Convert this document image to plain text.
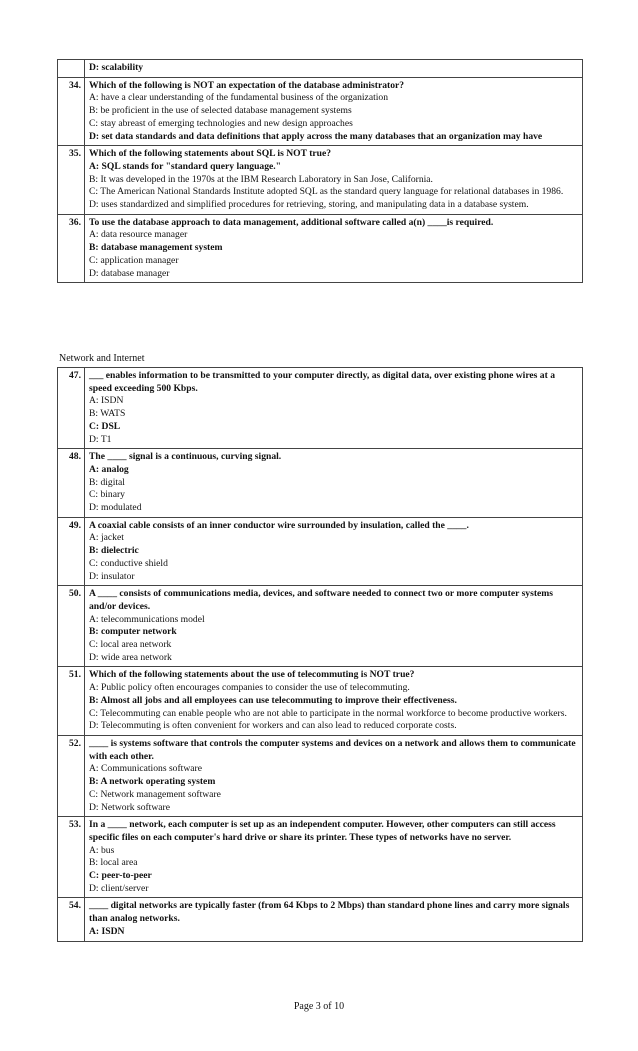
	D: scalability

34.	Which of the following is NOT an expectation of the database administrator?
A: have a clear understanding of the fundamental business of the organization
B: be proficient in the use of selected database management systems
C: stay abreast of emerging technologies and new design approaches
D: set data standards and data definitions that apply across the many databases that an organization may have

35.	Which of the following statements about SQL is NOT true?
A: SQL stands for "standard query language."
B: It was developed in the 1970s at the IBM Research Laboratory in San Jose, California.
C: The American National Standards Institute adopted SQL as the standard query language for relational databases in 1986.
D: uses standardized and simplified procedures for retrieving, storing, and manipulating data in a database system.

36.	To use the database approach to data management, additional software called a(n) ____is required.
A: data resource manager
B: database management system
C: application manager
D: database manager
Network and Internet
47.	___ enables information to be transmitted to your computer directly, as digital data, over existing phone wires at a speed exceeding 500 Kbps.
A: ISDN
B: WATS
C: DSL
D: T1

48.	The ____ signal is a continuous, curving signal.
A: analog
B: digital
C: binary
D: modulated

49.	A coaxial cable consists of an inner conductor wire surrounded by insulation, called the ____.
A: jacket
B: dielectric
C: conductive shield
D: insulator

50.	A ____ consists of communications media, devices, and software needed to connect two or more computer systems and/or devices.
A: telecommunications model
B: computer network
C: local area network
D: wide area network

51.	Which of the following statements about the use of telecommuting is NOT true?
A: Public policy often encourages companies to consider the use of telecommuting.
B: Almost all jobs and all employees can use telecommuting to improve their effectiveness.
C: Telecommuting can enable people who are not able to participate in the normal workforce to become productive workers.
D: Telecommuting is often convenient for workers and can also lead to reduced corporate costs.

52.	____ is systems software that controls the computer systems and devices on a network and allows them to communicate with each other.
A: Communications software
B: A network operating system
C: Network management software
D: Network software

53.	In a ____ network, each computer is set up as an independent computer. However, other computers can still access specific files on each computer's hard drive or share its printer. These types of networks have no server.
A: bus
B: local area
C: peer-to-peer
D: client/server

54.	____ digital networks are typically faster (from 64 Kbps to 2 Mbps) than standard phone lines and carry more signals than analog networks.
A: ISDN
Page 3 of 10
